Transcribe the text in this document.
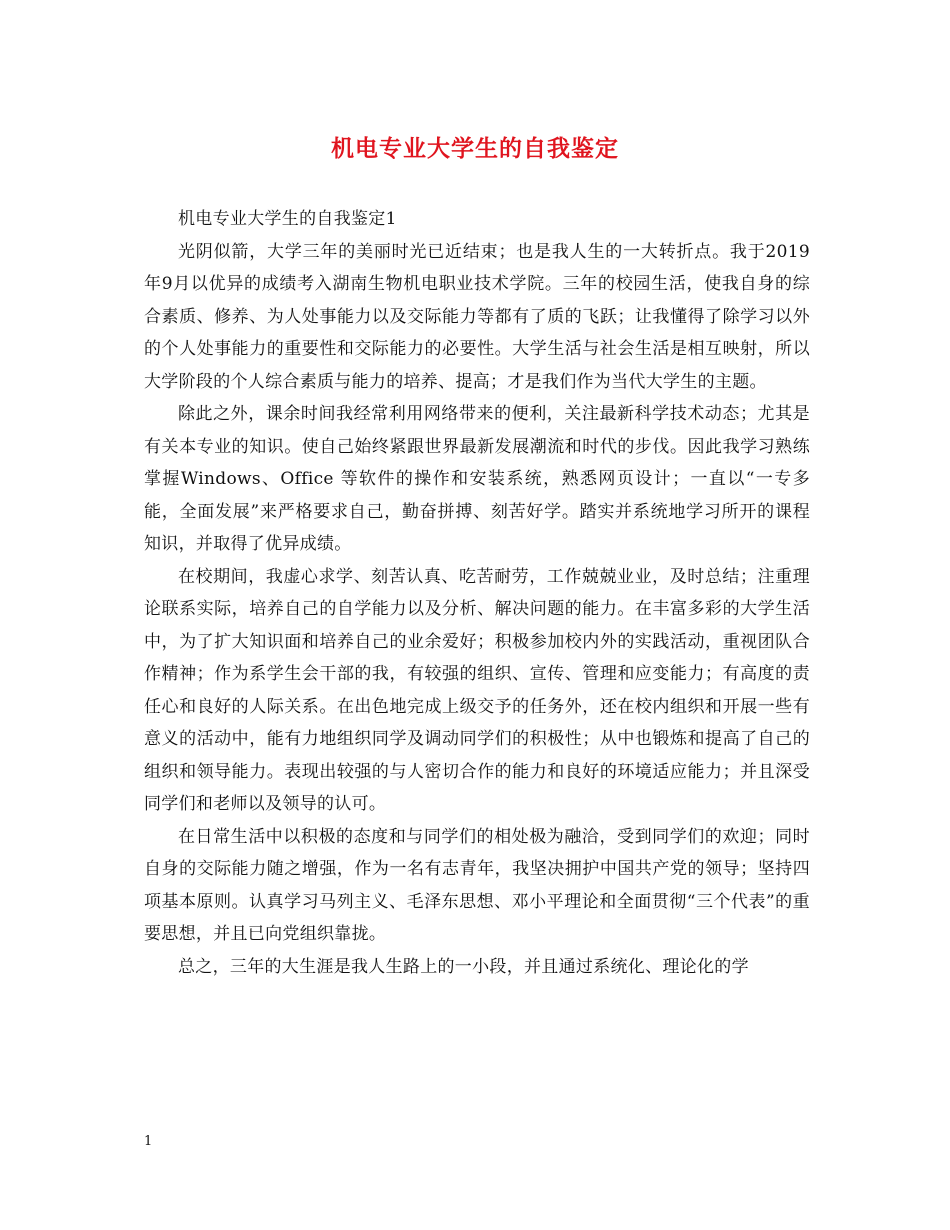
机电专业大学生的自我鉴定

机电专业大学生的自我鉴定1

光阴似箭，大学三年的美丽时光已近结束；也是我人生的一大转折点。我于2019年9月以优异的成绩考入湖南生物机电职业技术学院。三年的校园生活，使我自身的综合素质、修养、为人处事能力以及交际能力等都有了质的飞跃；让我懂得了除学习以外的个人处事能力的重要性和交际能力的必要性。大学生活与社会生活是相互映射，所以大学阶段的个人综合素质与能力的培养、提高；才是我们作为当代大学生的主题。

除此之外，课余时间我经常利用网络带来的便利，关注最新科学技术动态；尤其是有关本专业的知识。使自己始终紧跟世界最新发展潮流和时代的步伐。因此我学习熟练掌握Windows、Office 等软件的操作和安装系统，熟悉网页设计；一直以“一专多能，全面发展”来严格要求自己，勤奋拼搏、刻苦好学。踏实并系统地学习所开的课程知识，并取得了优异成绩。

在校期间，我虚心求学、刻苦认真、吃苦耐劳，工作兢兢业业，及时总结；注重理论联系实际，培养自己的自学能力以及分析、解决问题的能力。在丰富多彩的大学生活中，为了扩大知识面和培养自己的业余爱好；积极参加校内外的实践活动，重视团队合作精神；作为系学生会干部的我，有较强的组织、宣传、管理和应变能力；有高度的责任心和良好的人际关系。在出色地完成上级交予的任务外，还在校内组织和开展一些有意义的活动中，能有力地组织同学及调动同学们的积极性；从中也锻炼和提高了自己的组织和领导能力。表现出较强的与人密切合作的能力和良好的环境适应能力；并且深受同学们和老师以及领导的认可。

在日常生活中以积极的态度和与同学们的相处极为融洽，受到同学们的欢迎；同时自身的交际能力随之增强，作为一名有志青年，我坚决拥护中国共产党的领导；坚持四项基本原则。认真学习马列主义、毛泽东思想、邓小平理论和全面贯彻“三个代表”的重要思想，并且已向党组织靠拢。

总之，三年的大生涯是我人生路上的一小段，并且通过系统化、理论化的学

1
